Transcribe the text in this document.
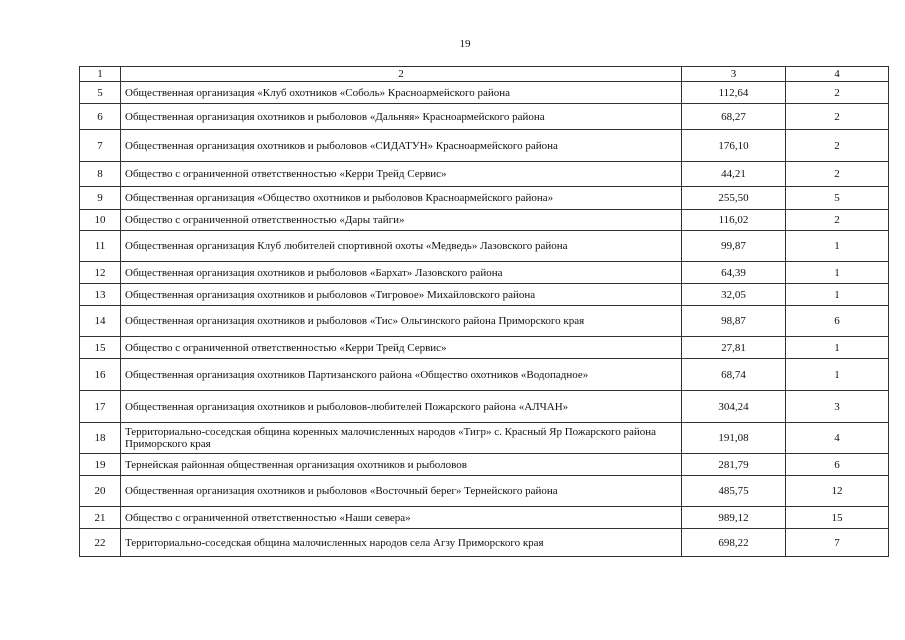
19
1	2	3	4
5	Общественная организация «Клуб охотников «Соболь» Красноармейского района	112,64	2
6	Общественная организация охотников и рыболовов «Дальняя» Красноармейского района	68,27	2
7	Общественная организация охотников и рыболовов «СИДАТУН» Красноармейского района	176,10	2
8	Общество с ограниченной ответственностью «Керри Трейд Сервис»	44,21	2
9	Общественная организация «Общество охотников и рыболовов Красноармейского района»	255,50	5
10	Общество с ограниченной ответственностью «Дары тайги»	116,02	2
11	Общественная организация Клуб любителей спортивной охоты «Медведь» Лазовского района	99,87	1
12	Общественная организация охотников и рыболовов «Бархат» Лазовского района	64,39	1
13	Общественная организация охотников и рыболовов «Тигровое» Михайловского района	32,05	1
14	Общественная организация охотников и рыболовов «Тис» Ольгинского района Приморского края	98,87	6
15	Общество с ограниченной ответственностью «Керри Трейд Сервис»	27,81	1
16	Общественная организация охотников Партизанского района «Общество охотников «Водопадное»	68,74	1
17	Общественная организация охотников и рыболовов-любителей Пожарского района «АЛЧАН»	304,24	3
18	Территориально-соседская община коренных малочисленных народов «Тигр» с. Красный Яр Пожарского района Приморского края	191,08	4
19	Тернейская районная общественная организация охотников и рыболовов	281,79	6
20	Общественная организация охотников и рыболовов «Восточный берег» Тернейского района	485,75	12
21	Общество с ограниченной ответственностью «Наши севера»	989,12	15
22	Территориально-соседская община малочисленных народов села Агзу Приморского края	698,22	7
